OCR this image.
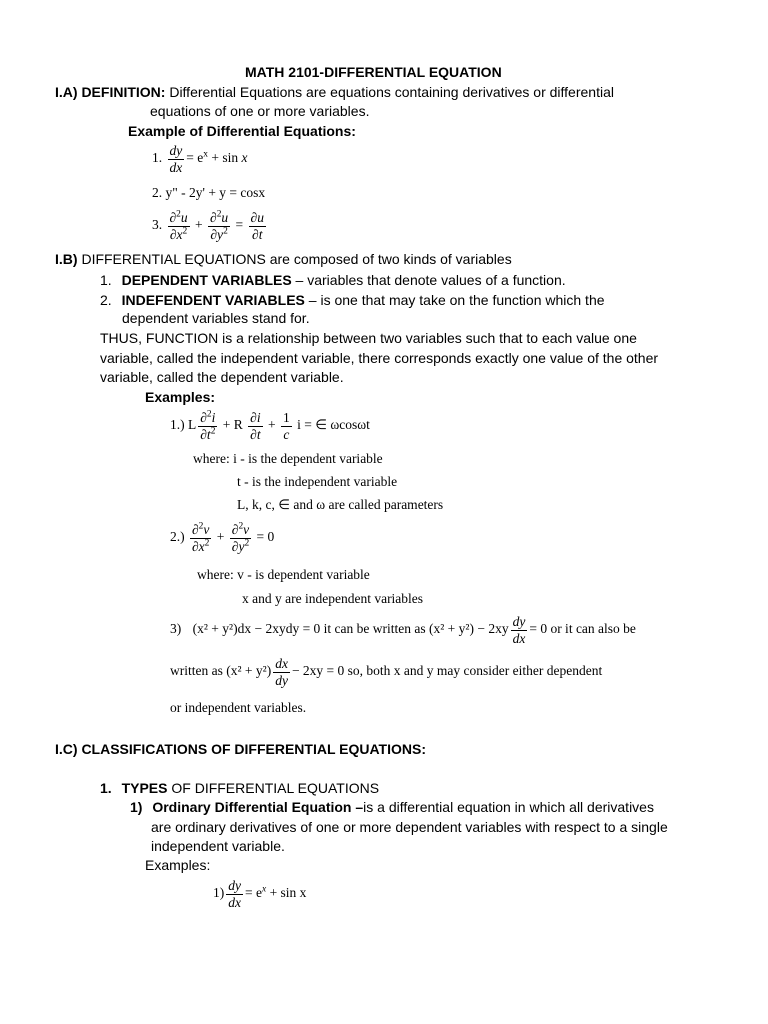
MATH 2101-DIFFERENTIAL EQUATION
I.A) DEFINITION: Differential Equations are equations containing derivatives or differential
equations of one or more variables.
Example of Differential Equations:
1. $\frac{dy}{dx} = e^x + \sin x$
2. y" - 2y' + y = cosx
3. $\frac{\partial^2u}{\partial x^2} + \frac{\partial^2u}{\partial y^2} = \frac{\partial u}{\partial t}$
I.B) DIFFERENTIAL EQUATIONS are composed of two kinds of variables
1. DEPENDENT VARIABLES – variables that denote values of a function.
2. INDEFENDENT VARIABLES – is one that may take on the function which the
dependent variables stand for.
THUS, FUNCTION is a relationship between two variables such that to each value one
variable, called the independent variable, there corresponds exactly one value of the other
variable, called the dependent variable.
Examples:
1.) L $\frac{\partial^2i}{\partial t^2} + R \frac{\partial i}{\partial t} + \frac{1}{c}$ i = ∈ ωcosωt
where: i - is the dependent variable
t - is the independent variable
L, k, c, ∈ and ω are called parameters
$2.) \frac{\partial^2v}{\partial x^2} + \frac{\partial^2v}{\partial y^2} = 0$
where: v - is dependent variable
x and y are independent variables
3) (x² + y²)dx − 2xydy = 0 it can be written as $(x^2 + y^2) - 2xy \frac{dy}{dx} = 0$ or it can also be
written as $(x^2 + y^2) \frac{dx}{dy} - 2xy = 0$ so, both x and y may consider either dependent
or independent variables.
I.C) CLASSIFICATIONS OF DIFFERENTIAL EQUATIONS:
1. TYPES OF DIFFERENTIAL EQUATIONS
1) Ordinary Differential Equation –is a differential equation in which all derivatives
are ordinary derivatives of one or more dependent variables with respect to a single
independent variable.
Examples:
$1) \frac{dy}{dx} = e^x + \sin x$
